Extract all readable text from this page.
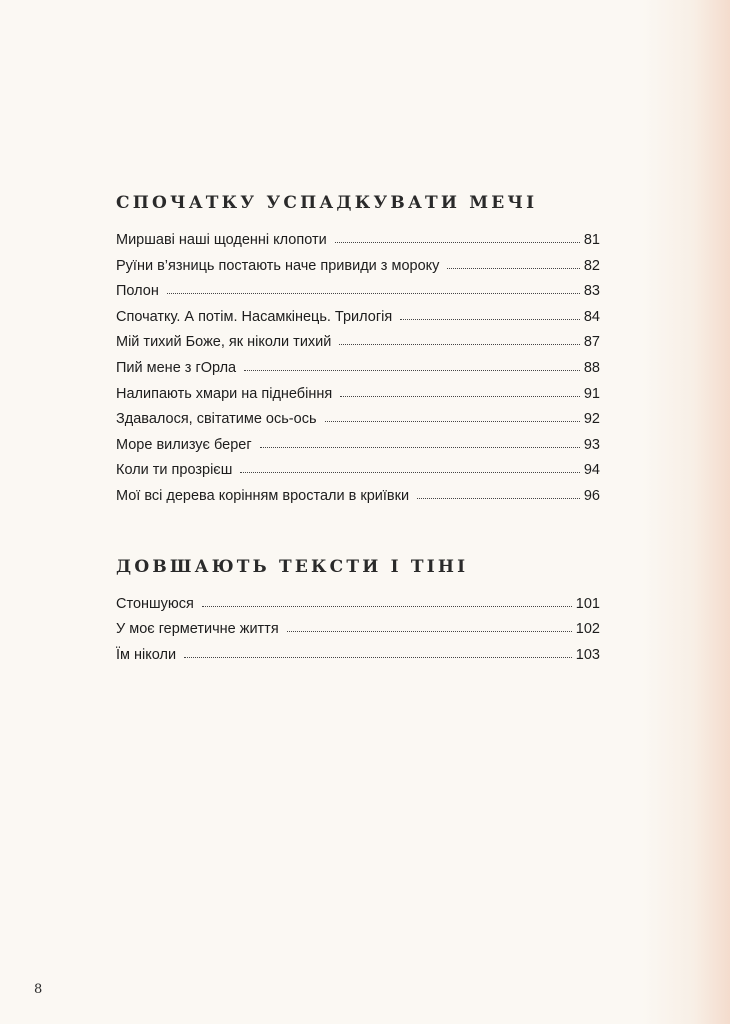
СПОЧАТКУ УСПАДКУВАТИ МЕЧІ
Миршаві наші щоденні клопоти	81
Руїни в’язниць постають наче привиди з мороку	82
Полон	83
Спочатку. А потім. Насамкінець. Трилогія	84
Мій тихий Боже, як ніколи тихий	87
Пий мене з гОрла	88
Налипають хмари на піднебіння	91
Здавалося, світатиме ось-ось	92
Море вилизує берег	93
Коли ти прозрієш	94
Мої всі дерева корінням вростали в криївки	96
ДОВШАЮТЬ ТЕКСТИ І ТІНІ
Стоншуюся	101
У моє герметичне життя	102
Їм ніколи	103
8
